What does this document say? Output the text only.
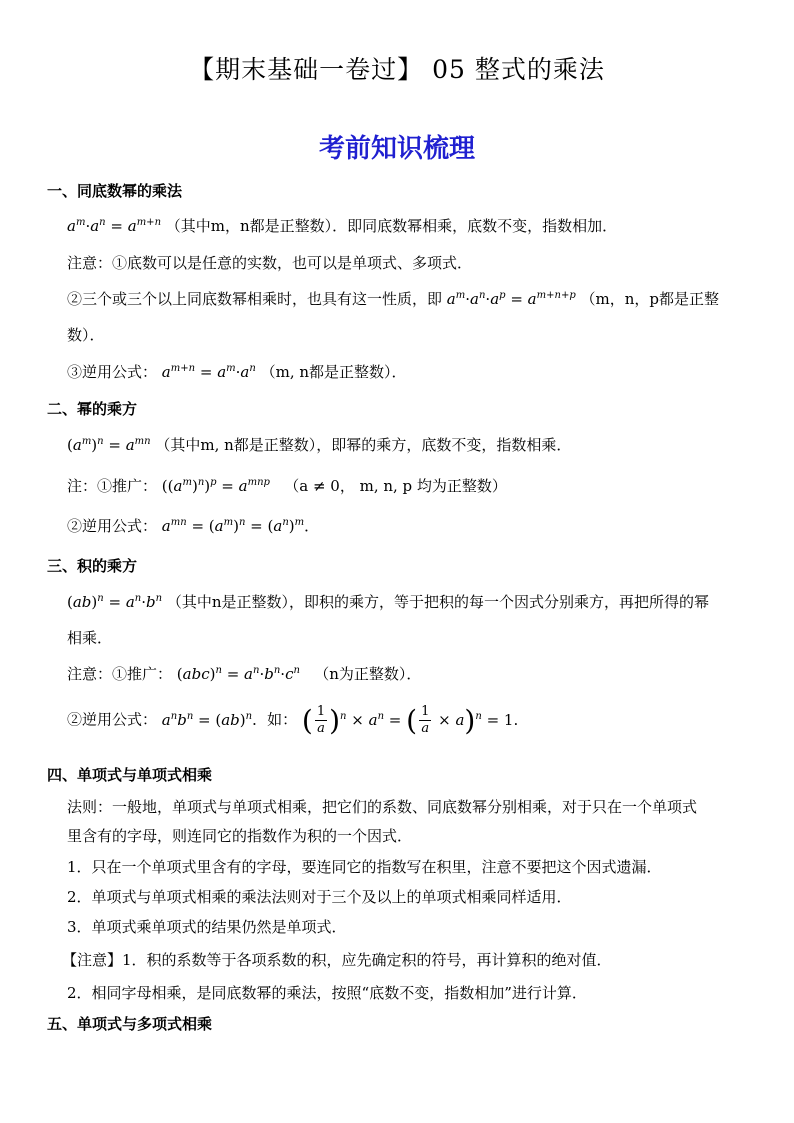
【期末基础一卷过】 05 整式的乘法
考前知识梳理
一、同底数幂的乘法
$a^m\cdot a^n = a^{m+n}$ （其中m，n都是正整数）．即同底数幂相乘，底数不变，指数相加．
注意：①底数可以是任意的实数，也可以是单项式、多项式．
②三个或三个以上同底数幂相乘时，也具有这一性质，即 $a^m\cdot a^n\cdot a^p = a^{m+n+p}$ （m，n，p都是正整
数）．
③逆用公式： $a^{m+n} = a^m\cdot a^n$ （m, n都是正整数）．
二、幂的乘方
$(a^m)^n = a^{mn}$ （其中m, n都是正整数），即幂的乘方，底数不变，指数相乘．
注：①推广： $((a^m)^n)^p = a^{mnp}$ （a ≠ 0， m, n, p 均为正整数）
②逆用公式： $a^{mn} = (a^m)^n = (a^n)^m$．
三、积的乘方
$(ab)^n = a^n\cdot b^n$ （其中n是正整数），即积的乘方，等于把积的每一个因式分别乘方，再把所得的幂
相乘．
注意：①推广： $(abc)^n = a^n\cdot b^n\cdot c^n$ （n为正整数）．
②逆用公式： $a^nb^n = (ab)^n$．如： ( $\frac{1}{a} )^n \times a^n$ = ( $\frac{1}{a} \times a)^n = 1$.
四、单项式与单项式相乘
法则：一般地，单项式与单项式相乘，把它们的系数、同底数幂分别相乘，对于只在一个单项式
里含有的字母，则连同它的指数作为积的一个因式．
1．只在一个单项式里含有的字母，要连同它的指数写在积里，注意不要把这个因式遗漏．
2．单项式与单项式相乘的乘法法则对于三个及以上的单项式相乘同样适用．
3．单项式乘单项式的结果仍然是单项式．
【注意】1．积的系数等于各项系数的积，应先确定积的符号，再计算积的绝对值．
2．相同字母相乘，是同底数幂的乘法，按照“底数不变，指数相加”进行计算．
五、单项式与多项式相乘
